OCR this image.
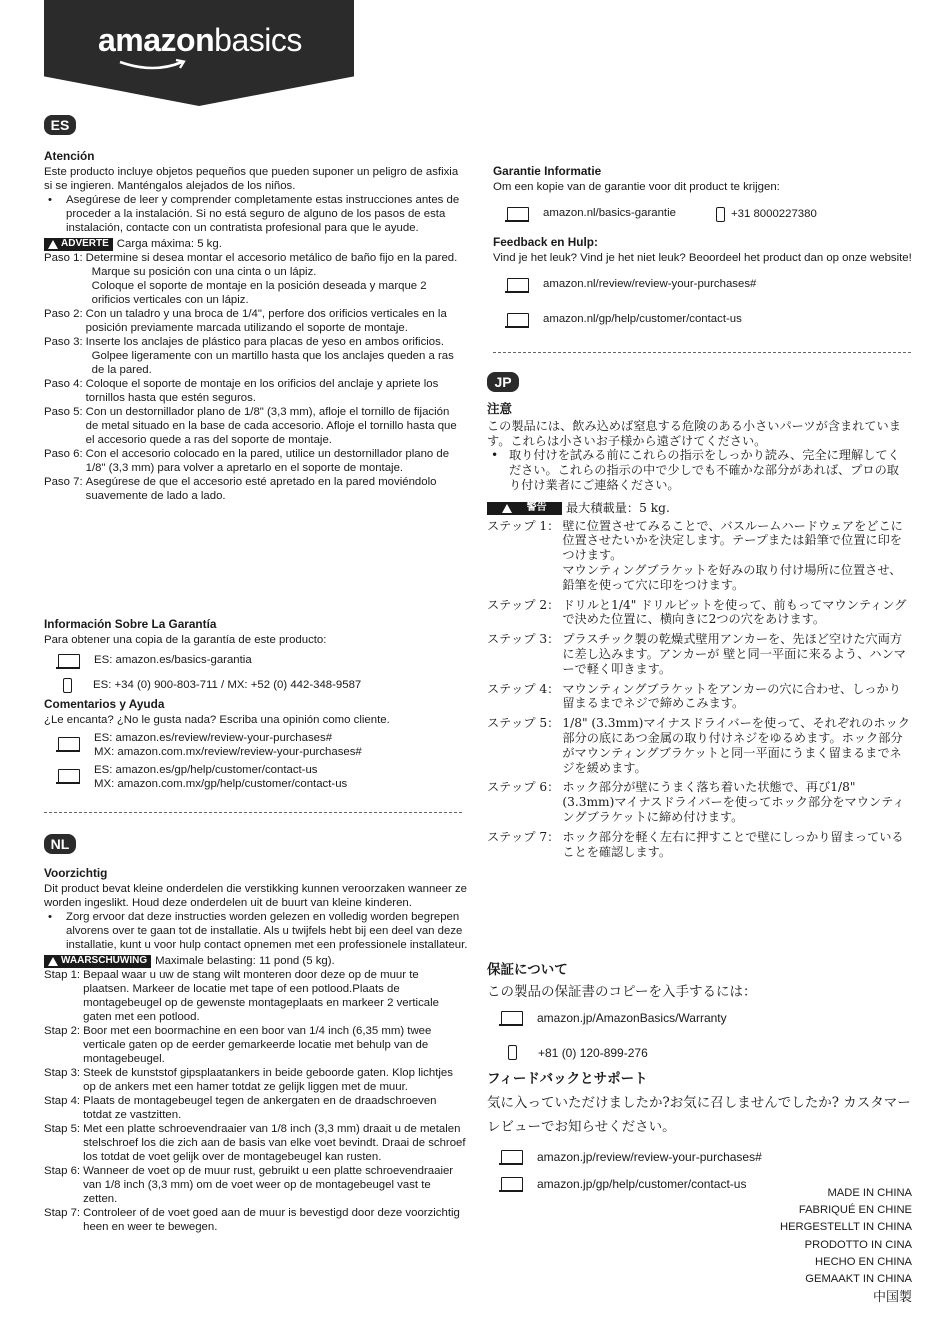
amazonbasics
ES

Atención

Este producto incluye objetos pequeños que pueden suponer un peligro de asfixia si se ingieren. Manténgalos alejados de los niños.

• Asegúrese de leer y comprender completamente estas instrucciones antes de proceder a la instalación. Si no está seguro de alguno de los pasos de esta instalación, contacte con un contratista profesional para que le ayude.

ADVERTE Carga máxima: 5 kg.
Paso 1: Determine si desea montar el accesorio metálico de baño fijo en la pared.
Marque su posición con una cinta o un lápiz.
Coloque el soporte de montaje en la posición deseada y marque 2 orificios verticales con un lápiz.
Paso 2: Con un taladro y una broca de 1/4", perfore dos orificios verticales en la posición previamente marcada utilizando el soporte de montaje.
Paso 3: Inserte los anclajes de plástico para placas de yeso en ambos orificios.
Golpee ligeramente con un martillo hasta que los anclajes queden a ras de la pared.
Paso 4: Coloque el soporte de montaje en los orificios del anclaje y apriete los tornillos hasta que estén seguros.
Paso 5: Con un destornillador plano de 1/8" (3,3 mm), afloje el tornillo de fijación de metal situado en la base de cada accesorio. Afloje el tornillo hasta que el accesorio quede a ras del soporte de montaje.
Paso 6: Con el accesorio colocado en la pared, utilice un destornillador plano de 1/8" (3,3 mm) para volver a apretarlo en el soporte de montaje.
Paso 7: Asegúrese de que el accesorio esté apretado en la pared moviéndolo suavemente de lado a lado.

Información Sobre La Garantía

Para obtener una copia de la garantía de este producto:

ES: amazon.es/basics-garantia
ES: +34 (0) 900-803-711 / MX: +52 (0) 442-348-9587

Comentarios y Ayuda

¿Le encanta? ¿No le gusta nada? Escriba una opinión como cliente.

ES: amazon.es/review/review-your-purchases#
MX: amazon.com.mx/review/review-your-purchases#
ES: amazon.es/gp/help/customer/contact-us
MX: amazon.com.mx/gp/help/customer/contact-us
NL

Voorzichtig

Dit product bevat kleine onderdelen die verstikking kunnen veroorzaken wanneer ze worden ingeslikt. Houd deze onderdelen uit de buurt van kleine kinderen.

• Zorg ervoor dat deze instructies worden gelezen en volledig worden begrepen alvorens over te gaan tot de installatie. Als u twijfels hebt bij een deel van deze installatie, kunt u voor hulp contact opnemen met een professionele installateur.

WAARSCHUWING Maximale belasting: 11 pond (5 kg).
Stap 1: Bepaal waar u uw de stang wilt monteren door deze op de muur te plaatsen. Markeer de locatie met tape of een potlood.Plaats de montagebeugel op de gewenste montageplaats en markeer 2 verticale gaten met een potlood.
Stap 2: Boor met een boormachine en een boor van 1/4 inch (6,35 mm) twee verticale gaten op de eerder gemarkeerde locatie met behulp van de montagebeugel.
Stap 3: Steek de kunststof gipsplaatankers in beide geboorde gaten. Klop lichtjes op de ankers met een hamer totdat ze gelijk liggen met de muur.
Stap 4: Plaats de montagebeugel tegen de ankergaten en de draadschroeven totdat ze vastzitten.
Stap 5: Met een platte schroevendraaier van 1/8 inch (3,3 mm) draait u de metalen stelschroef los die zich aan de basis van elke voet bevindt. Draai de schroef los totdat de voet gelijk over de montagebeugel kan rusten.
Stap 6: Wanneer de voet op de muur rust, gebruikt u een platte schroevendraaier van 1/8 inch (3,3 mm) om de voet weer op de montagebeugel vast te zetten.
Stap 7: Controleer of de voet goed aan de muur is bevestigd door deze voorzichtig heen en weer te bewegen.

Garantie Informatie

Om een kopie van de garantie voor dit product te krijgen:

amazon.nl/basics-garantie	+31 8000227380

Feedback en Hulp:

Vind je het leuk? Vind je het niet leuk? Beoordeel het product dan op onze website!

amazon.nl/review/review-your-purchases#
amazon.nl/gp/help/customer/contact-us
JP

注意

この製品には、飲み込めば窒息する危険のある小さいパーツが含まれています。これらは小さいお子様から遠ざけてください。

• 取り付けを試みる前にこれらの指示をしっかり読み、完全に理解してください。これらの指示の中で少しでも不確かな部分があれば、プロの取り付け業者にご連絡ください。

警告 最大積載量：5 kg.
ステップ 1： 壁に位置させてみることで、バスルームハードウェアをどこに位置させたいかを決定します。テープまたは鉛筆で位置に印をつけます。
マウンティングブラケットを好みの取り付け場所に位置させ、鉛筆を使って穴に印をつけます。
ステップ 2： ドリルと1/4" ドリルビットを使って、前もってマウンティングで決めた位置に、横向きに2つの穴をあけます。
ステップ 3： プラスチック製の乾燥式壁用アンカーを、先ほど空けた穴両方に差し込みます。アンカーが 壁と同一平面に来るよう、ハンマーで軽く叩きます。
ステップ 4： マウンティングブラケットをアンカーの穴に合わせ、しっかり留まるまでネジで締めこみます。
ステップ 5： 1/8" (3.3mm)マイナスドライバーを使って、それぞれのホック部分の底にあつ金属の取り付けネジをゆるめます。ホック部分がマウンティングブラケットと同一平面にうまく留まるまでネジを緩めます。
ステップ 6： ホック部分が壁にうまく落ち着いた状態で、再び1/8" (3.3mm)マイナスドライバーを使ってホック部分をマウンティングブラケットに締め付けます。
ステップ 7： ホック部分を軽く左右に押すことで壁にしっかり留まっていることを確認します。

保証について

この製品の保証書のコピーを入手するには：

amazon.jp/AmazonBasics/Warranty
+81 (0) 120-899-276

フィードバックとサポート

気に入っていただけましたか?お気に召しませんでしたか? カスタマーレビューでお知らせください。

amazon.jp/review/review-your-purchases#
amazon.jp/gp/help/customer/contact-us

MADE IN CHINA

FABRIQUÉ EN CHINE

HERGESTELLT IN CHINA

PRODOTTO IN CINA

HECHO EN CHINA

GEMAAKT IN CHINA

中国製
